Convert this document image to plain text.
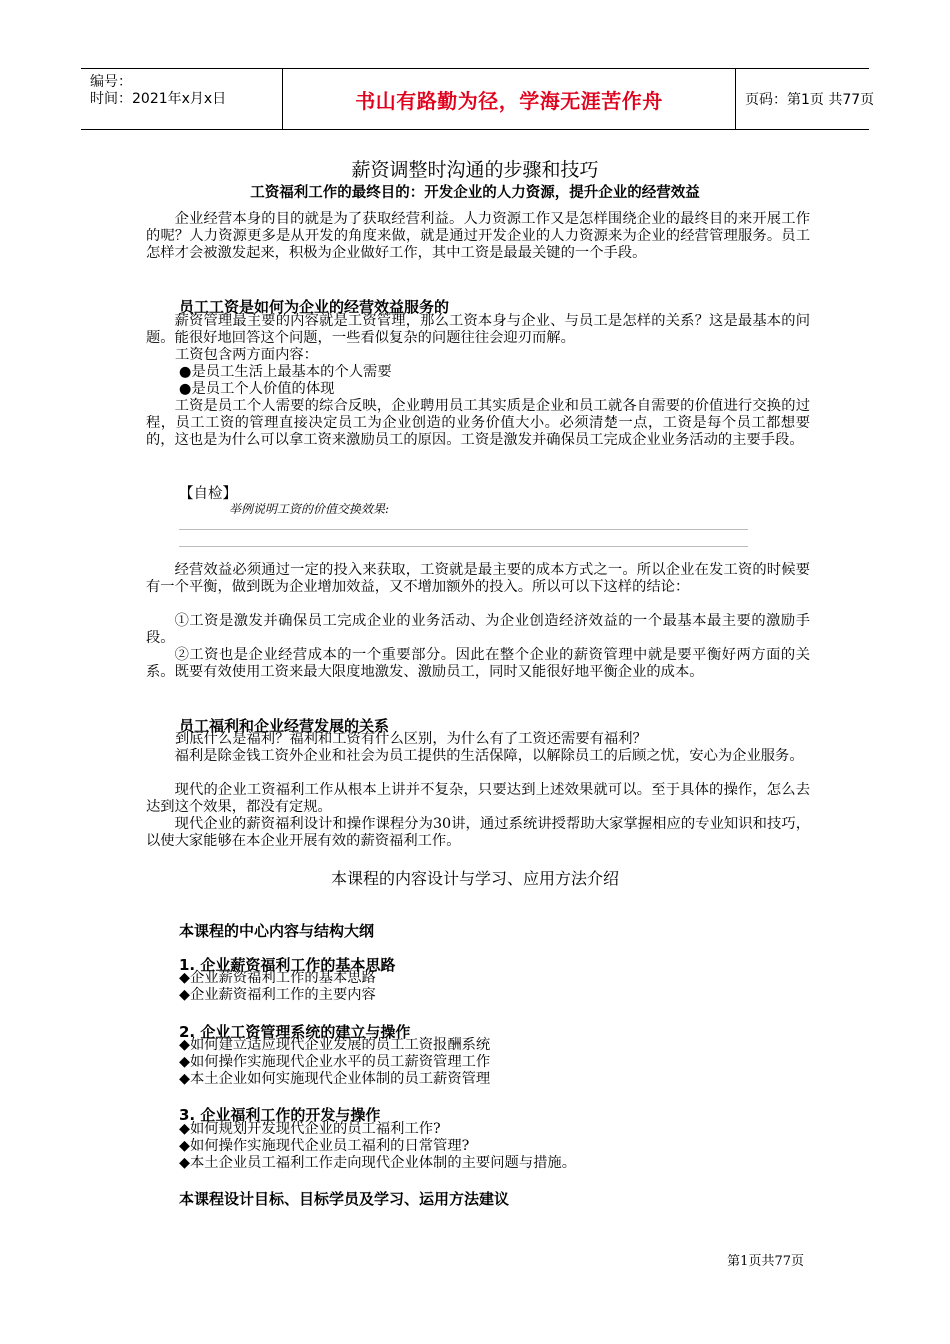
编号：
时间：2021年x月x日	书山有路勤为径，学海无涯苦作舟	页码：第1页 共77页
薪资调整时沟通的步骤和技巧
工资福利工作的最终目的：开发企业的人力资源，提升企业的经营效益
企业经营本身的目的就是为了获取经营利益。人力资源工作又是怎样围绕企业的最终目的来开展工作的呢？人力资源更多是从开发的角度来做，就是通过开发企业的人力资源来为企业的经营管理服务。员工怎样才会被激发起来，积极为企业做好工作，其中工资是最最关键的一个手段。
员工工资是如何为企业的经营效益服务的
薪资管理最主要的内容就是工资管理，那么工资本身与企业、与员工是怎样的关系？这是最基本的问题。能很好地回答这个问题，一些看似复杂的问题往往会迎刃而解。
工资包含两方面内容：
●是员工生活上最基本的个人需要
●是员工个人价值的体现
工资是员工个人需要的综合反映，企业聘用员工其实质是企业和员工就各自需要的价值进行交换的过程，员工工资的管理直接决定员工为企业创造的业务价值大小。必须清楚一点，工资是每个员工都想要的，这也是为什么可以拿工资来激励员工的原因。工资是激发并确保员工完成企业业务活动的主要手段。
【自检】
举例说明工资的价值交换效果:
经营效益必须通过一定的投入来获取，工资就是最主要的成本方式之一。所以企业在发工资的时候要有一个平衡，做到既为企业增加效益，又不增加额外的投入。所以可以下这样的结论：
①工资是激发并确保员工完成企业的业务活动、为企业创造经济效益的一个最基本最主要的激励手段。
②工资也是企业经营成本的一个重要部分。因此在整个企业的薪资管理中就是要平衡好两方面的关系。既要有效使用工资来最大限度地激发、激励员工，同时又能很好地平衡企业的成本。
员工福利和企业经营发展的关系
到底什么是福利？福利和工资有什么区别，为什么有了工资还需要有福利？
福利是除金钱工资外企业和社会为员工提供的生活保障，以解除员工的后顾之忧，安心为企业服务。
现代的企业工资福利工作从根本上讲并不复杂，只要达到上述效果就可以。至于具体的操作，怎么去达到这个效果，都没有定规。
现代企业的薪资福利设计和操作课程分为30讲，通过系统讲授帮助大家掌握相应的专业知识和技巧，以使大家能够在本企业开展有效的薪资福利工作。
本课程的内容设计与学习、应用方法介绍
本课程的中心内容与结构大纲
1. 企业薪资福利工作的基本思路
◆企业薪资福利工作的基本思路
◆企业薪资福利工作的主要内容
2. 企业工资管理系统的建立与操作
◆如何建立适应现代企业发展的员工工资报酬系统
◆如何操作实施现代企业水平的员工薪资管理工作
◆本土企业如何实施现代企业体制的员工薪资管理
3. 企业福利工作的开发与操作
◆如何规划开发现代企业的员工福利工作?
◆如何操作实施现代企业员工福利的日常管理?
◆本土企业员工福利工作走向现代企业体制的主要问题与措施。
本课程设计目标、目标学员及学习、运用方法建议
第1页共77页
